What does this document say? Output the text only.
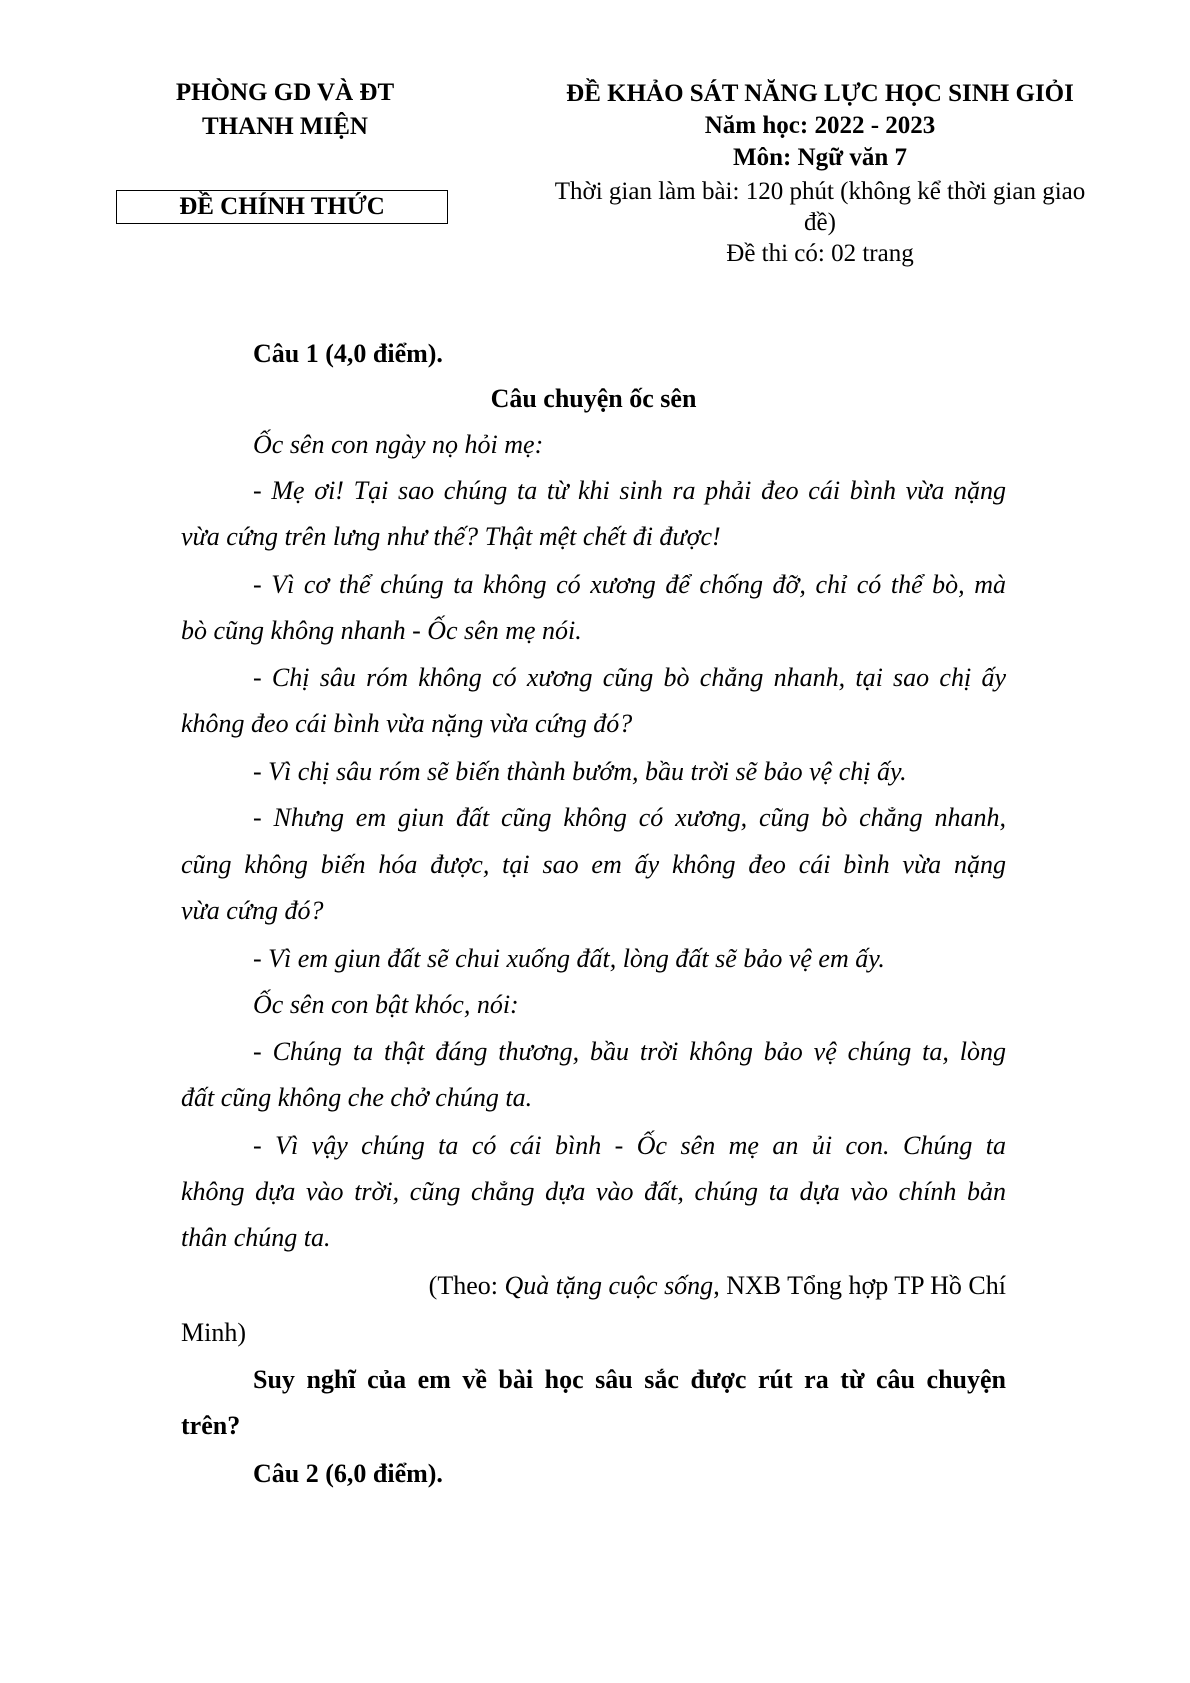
PHÒNG GD VÀ ĐT
THANH MIỆN
ĐỀ CHÍNH THỨC
ĐỀ KHẢO SÁT NĂNG LỰC HỌC SINH GIỎI
Năm học: 2022 - 2023
Môn: Ngữ văn 7
Thời gian làm bài: 120 phút (không kể thời gian giao
đề)
Đề thi có: 02 trang
Câu 1 (4,0 điểm).
Câu chuyện ốc sên
Ốc sên con ngày nọ hỏi mẹ:
- Mẹ ơi! Tại sao chúng ta từ khi sinh ra phải đeo cái bình vừa nặng
vừa cứng trên lưng như thế? Thật mệt chết đi được!
- Vì cơ thể chúng ta không có xương để chống đỡ, chỉ có thể bò, mà
bò cũng không nhanh - Ốc sên mẹ nói.
- Chị sâu róm không có xương cũng bò chẳng nhanh, tại sao chị ấy
không đeo cái bình vừa nặng vừa cứng đó?
- Vì chị sâu róm sẽ biến thành bướm, bầu trời sẽ bảo vệ chị ấy.
- Nhưng em giun đất cũng không có xương, cũng bò chẳng nhanh,
cũng không biến hóa được, tại sao em ấy không đeo cái bình vừa nặng
vừa cứng đó?
- Vì em giun đất sẽ chui xuống đất, lòng đất sẽ bảo vệ em ấy.
Ốc sên con bật khóc, nói:
- Chúng ta thật đáng thương, bầu trời không bảo vệ chúng ta, lòng
đất cũng không che chở chúng ta.
- Vì vậy chúng ta có cái bình - Ốc sên mẹ an ủi con. Chúng ta
không dựa vào trời, cũng chẳng dựa vào đất, chúng ta dựa vào chính bản
thân chúng ta.
(Theo: Quà tặng cuộc sống, NXB Tổng hợp TP Hồ Chí
Minh)
Suy nghĩ của em về bài học sâu sắc được rút ra từ câu chuyện
trên?
Câu 2 (6,0 điểm).
